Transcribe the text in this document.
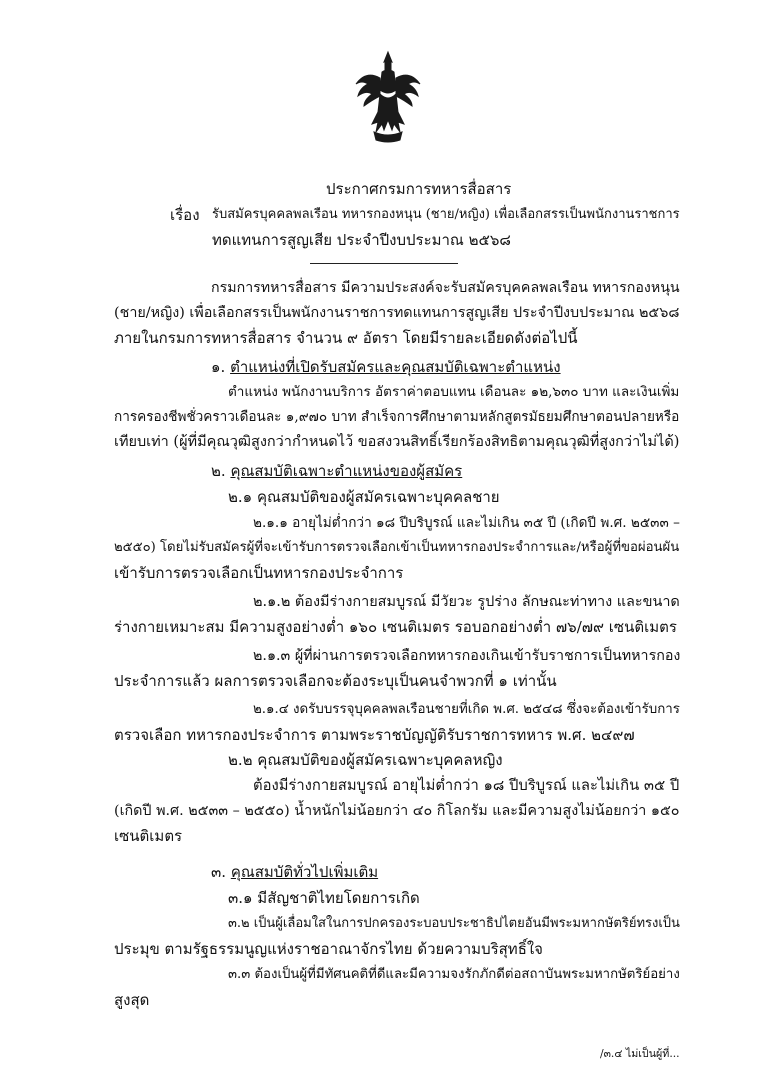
ประกาศกรมการทหารสื่อสาร
เรื่อง รับสมัครบุคคลพลเรือน ทหารกองหนุน (ชาย/หญิง) เพื่อเลือกสรรเป็นพนักงานราชการ
ทดแทนการสูญเสีย ประจำปีงบประมาณ ๒๕๖๘
กรมการทหารสื่อสาร มีความประสงค์จะรับสมัครบุคคลพลเรือน ทหารกองหนุน
(ชาย/หญิง) เพื่อเลือกสรรเป็นพนักงานราชการทดแทนการสูญเสีย ประจำปีงบประมาณ ๒๕๖๘
ภายในกรมการทหารสื่อสาร จำนวน ๙ อัตรา โดยมีรายละเอียดดังต่อไปนี้
๑. ตำแหน่งที่เปิดรับสมัครและคุณสมบัติเฉพาะตำแหน่ง
ตำแหน่ง พนักงานบริการ อัตราค่าตอบแทน เดือนละ ๑๒,๖๓๐ บาท และเงินเพิ่ม
การครองชีพชั่วคราวเดือนละ ๑,๙๗๐ บาท สำเร็จการศึกษาตามหลักสูตรมัธยมศึกษาตอนปลายหรือ
เทียบเท่า (ผู้ที่มีคุณวุฒิสูงกว่ากำหนดไว้ ขอสงวนสิทธิ์เรียกร้องสิทธิตามคุณวุฒิที่สูงกว่าไม่ได้)
๒. คุณสมบัติเฉพาะตำแหน่งของผู้สมัคร
๒.๑ คุณสมบัติของผู้สมัครเฉพาะบุคคลชาย
๒.๑.๑ อายุไม่ต่ำกว่า ๑๘ ปีบริบูรณ์ และไม่เกิน ๓๕ ปี (เกิดปี พ.ศ. ๒๕๓๓ –
๒๕๕๐) โดยไม่รับสมัครผู้ที่จะเข้ารับการตรวจเลือกเข้าเป็นทหารกองประจำการและ/หรือผู้ที่ขอผ่อนผัน
เข้ารับการตรวจเลือกเป็นทหารกองประจำการ
๒.๑.๒ ต้องมีร่างกายสมบูรณ์ มีวัยวะ รูปร่าง ลักษณะท่าทาง และขนาด
ร่างกายเหมาะสม มีความสูงอย่างต่ำ ๑๖๐ เซนติเมตร รอบอกอย่างต่ำ ๗๖/๗๙ เซนติเมตร
๒.๑.๓ ผู้ที่ผ่านการตรวจเลือกทหารกองเกินเข้ารับราชการเป็นทหารกอง
ประจำการแล้ว ผลการตรวจเลือกจะต้องระบุเป็นคนจำพวกที่ ๑ เท่านั้น
๒.๑.๔ งดรับบรรจุบุคคลพลเรือนชายที่เกิด พ.ศ. ๒๕๔๘ ซึ่งจะต้องเข้ารับการ
ตรวจเลือก ทหารกองประจำการ ตามพระราชบัญญัติรับราชการทหาร พ.ศ. ๒๔๙๗
๒.๒ คุณสมบัติของผู้สมัครเฉพาะบุคคลหญิง
ต้องมีร่างกายสมบูรณ์ อายุไม่ต่ำกว่า ๑๘ ปีบริบูรณ์ และไม่เกิน ๓๕ ปี
(เกิดปี พ.ศ. ๒๕๓๓ – ๒๕๕๐) น้ำหนักไม่น้อยกว่า ๔๐ กิโลกรัม และมีความสูงไม่น้อยกว่า ๑๕๐
เซนติเมตร
๓. คุณสมบัติทั่วไปเพิ่มเติม
๓.๑ มีสัญชาติไทยโดยการเกิด
๓.๒ เป็นผู้เลื่อมใสในการปกครองระบอบประชาธิปไตยอันมีพระมหากษัตริย์ทรงเป็น
ประมุข ตามรัฐธรรมนูญแห่งราชอาณาจักรไทย ด้วยความบริสุทธิ์ใจ
๓.๓ ต้องเป็นผู้ที่มีทัศนคติที่ดีและมีความจงรักภักดีต่อสถาบันพระมหากษัตริย์อย่าง
สูงสุด
/๓.๔ ไม่เป็นผู้ที่...
